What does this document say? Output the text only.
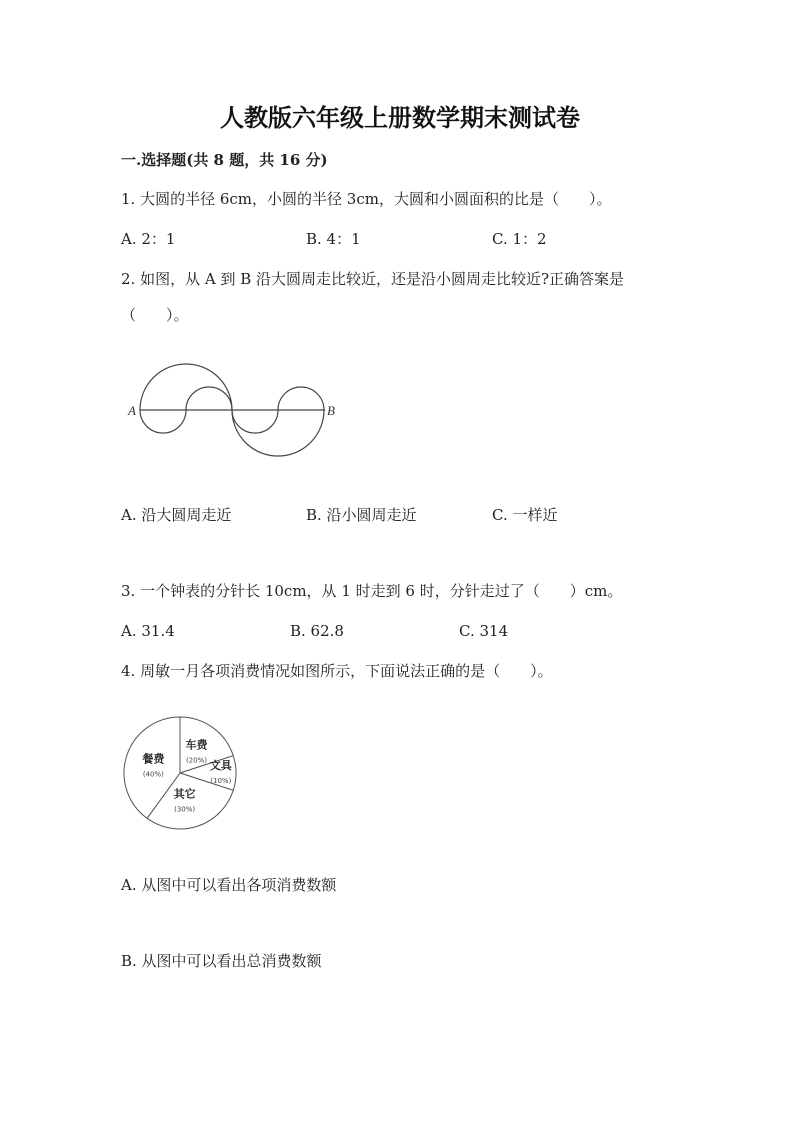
人教版六年级上册数学期末测试卷
一.选择题(共 8 题，共 16 分)
1. 大圆的半径 6cm，小圆的半径 3cm，大圆和小圆面积的比是（　　）。
A. 2：1	B. 4：1	C. 1：2
2. 如图，从 A 到 B 沿大圆周走比较近，还是沿小圆周走比较近?正确答案是
（　　）。
A	B
A. 沿大圆周走近	B. 沿小圆周走近	C. 一样近
3. 一个钟表的分针长 10cm，从 1 时走到 6 时，分针走过了（　　）cm。
A. 31.4	B. 62.8	C. 314
4. 周敏一月各项消费情况如图所示，下面说法正确的是（　　）。
车费
(20%) 文具
(10%)
其它
(30%)
餐费
(40%)
A. 从图中可以看出各项消费数额
B. 从图中可以看出总消费数额
